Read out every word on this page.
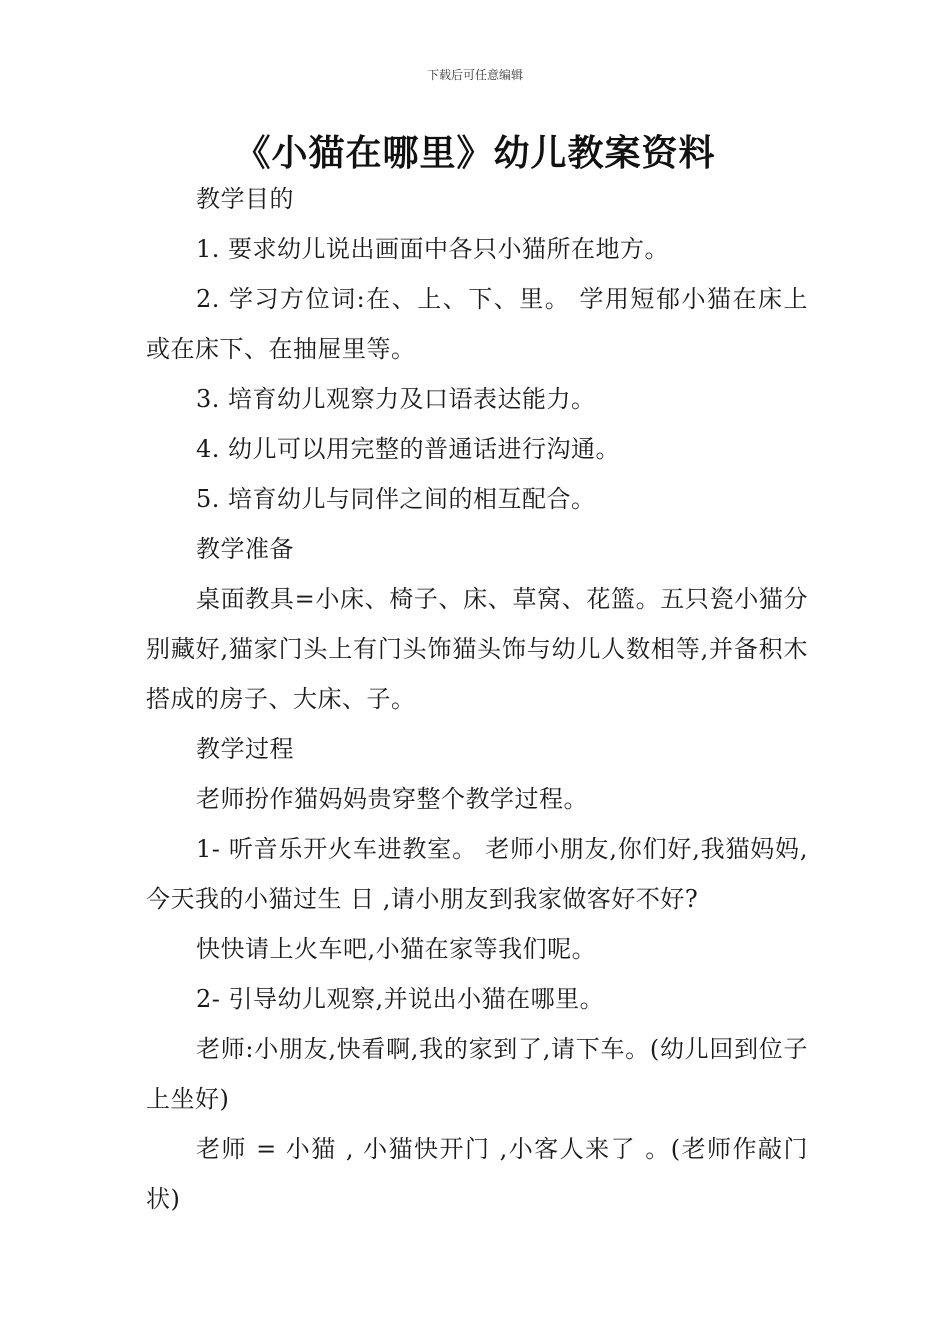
下载后可任意编辑
《小猫在哪里》幼儿教案资料

教学目的

1. 要求幼儿说出画面中各只小猫所在地方。

2. 学习方位词:在、上、下、里。 学用短郁小猫在床上或在床下、在抽屉里等。

3. 培育幼儿观察力及口语表达能力。

4. 幼儿可以用完整的普通话进行沟通。

5. 培育幼儿与同伴之间的相互配合。

教学准备

桌面教具=小床、椅子、床、草窝、花篮。五只瓷小猫分别藏好,猫家门头上有门头饰猫头饰与幼儿人数相等,并备积木搭成的房子、大床、子。

教学过程

老师扮作猫妈妈贵穿整个教学过程。

1- 听音乐开火车进教室。 老师小朋友,你们好,我猫妈妈,今天我的小猫过生 日 ,请小朋友到我家做客好不好?

快快请上火车吧,小猫在家等我们呢。

2- 引导幼儿观察,并说出小猫在哪里。

老师:小朋友,快看啊,我的家到了,请下车。(幼儿回到位子上坐好)

老师 = 小猫 , 小猫快开门 ,小客人来了 。(老师作敲门状)
